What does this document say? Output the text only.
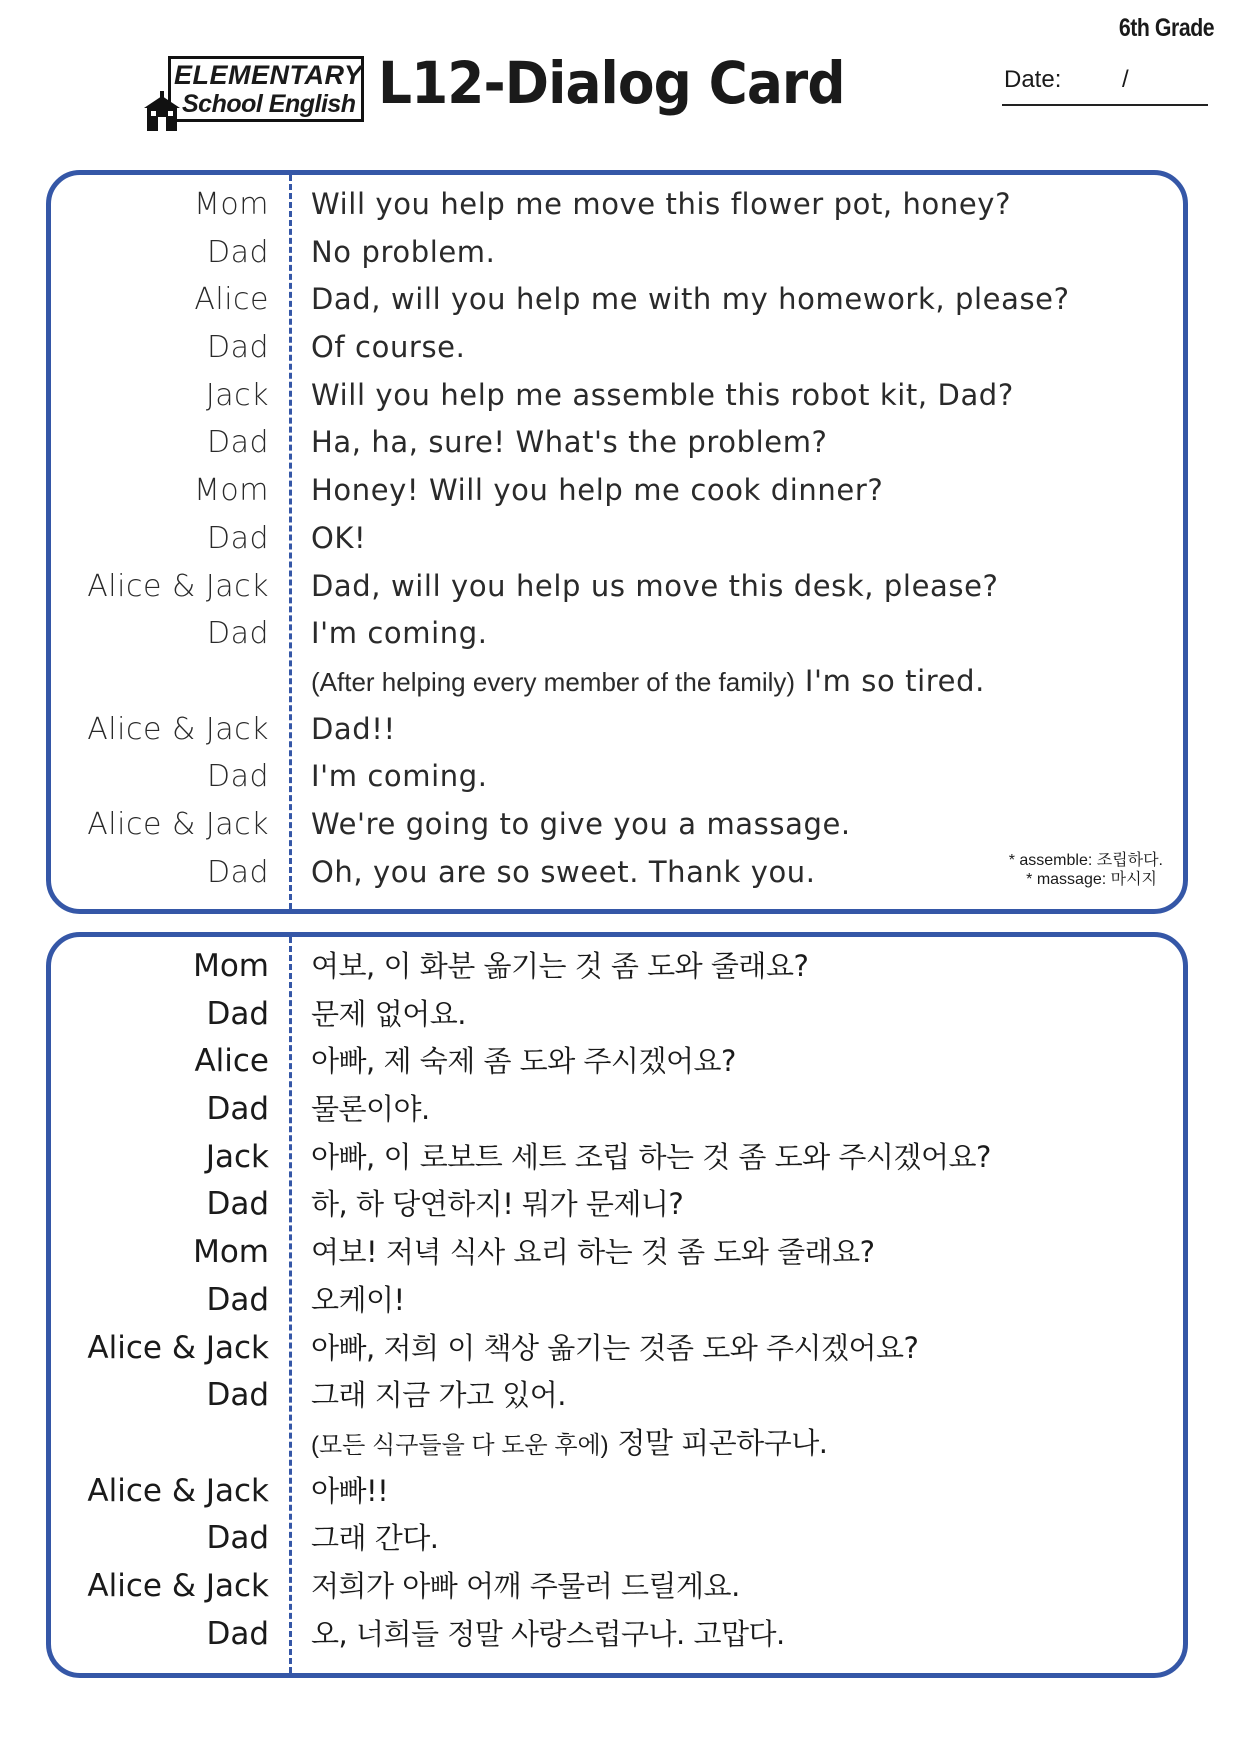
6th Grade
ELEMENTARY
School English L12-Dialog Card	Date:	/
Mom Will you help me move this flower pot, honey?
Dad No problem.
Alice Dad, will you help me with my homework, please?
Dad Of course.
Jack Will you help me assemble this robot kit, Dad?
Dad Ha, ha, sure! What's the problem?
Mom Honey! Will you help me cook dinner?
Dad OK!
Alice & Jack Dad, will you help us move this desk, please?
Dad I'm coming.
(After helping every member of the family) I'm so tired.
Alice & Jack Dad!!
Dad I'm coming.
Alice & Jack We're going to give you a massage.
Dad Oh, you are so sweet. Thank you.	* assemble: 조립하다.
* massage: 마시지
Mom 여보, 이 화분 옮기는 것 좀 도와 줄래요?
Dad 문제 없어요.
Alice 아빠, 제 숙제 좀 도와 주시겠어요?
Dad 물론이야.
Jack 아빠, 이 로보트 세트 조립 하는 것 좀 도와 주시겠어요?
Dad 하, 하 당연하지! 뭐가 문제니?
Mom 여보! 저녁 식사 요리 하는 것 좀 도와 줄래요?
Dad 오케이!
Alice & Jack 아빠, 저희 이 책상 옮기는 것좀 도와 주시겠어요?
Dad 그래 지금 가고 있어.
(모든 식구들을 다 도운 후에) 정말 피곤하구나.
Alice & Jack 아빠!!
Dad 그래 간다.
Alice & Jack 저희가 아빠 어깨 주물러 드릴게요.
Dad 오, 너희들 정말 사랑스럽구나. 고맙다.
